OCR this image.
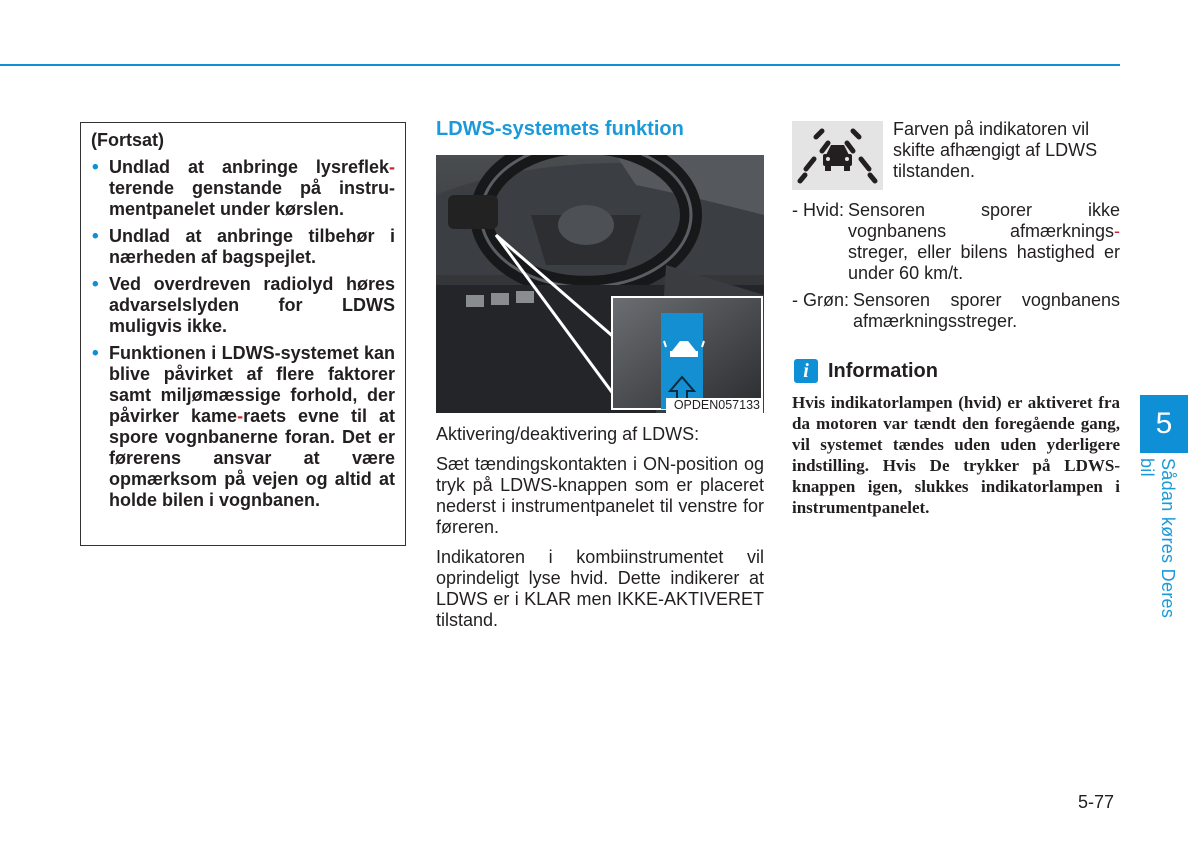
(Fortsat)
• Undlad at anbringe lysreflek-terende genstande på instru-mentpanelet under kørslen.
• Undlad at anbringe tilbehør i nærheden af bagspejlet.
• Ved overdreven radiolyd høres advarselslyden for LDWS muligvis ikke.
• Funktionen i LDWS-systemet kan blive påvirket af flere faktorer samt miljømæssige forhold, der påvirker kame-raets evne til at spore vognbanerne foran. Det er førerens ansvar at være opmærksom på vejen og altid at holde bilen i vognbanen.
LDWS-systemets funktion
OPDEN057133

Aktivering/deaktivering af LDWS:

Sæt tændingskontakten i ON-position og tryk på LDWS-knappen som er placeret nederst i instrumentpanelet til venstre for føreren.

Indikatoren i kombiinstrumentet vil oprindeligt lyse hvid. Dette indikerer at LDWS er i KLAR men IKKE-AKTIVERET tilstand.

Farven på indikatoren vil skifte afhængigt af LDWS tilstanden.
- Hvid: Sensoren sporer ikke vognbanens afmærknings-streger, eller bilens hastighed er under 60 km/t.
- Grøn: Sensoren sporer vognbanens afmærkningsstreger.
i Information
Hvis indikatorlampen (hvid) er aktiveret fra da motoren var tændt den foregående gang, vil systemet tændes uden uden yderligere indstilling. Hvis De trykker på LDWS-knappen igen, slukkes indikatorlampen i instrumentpanelet.
5
Sådan køres Deres bil
5-77
